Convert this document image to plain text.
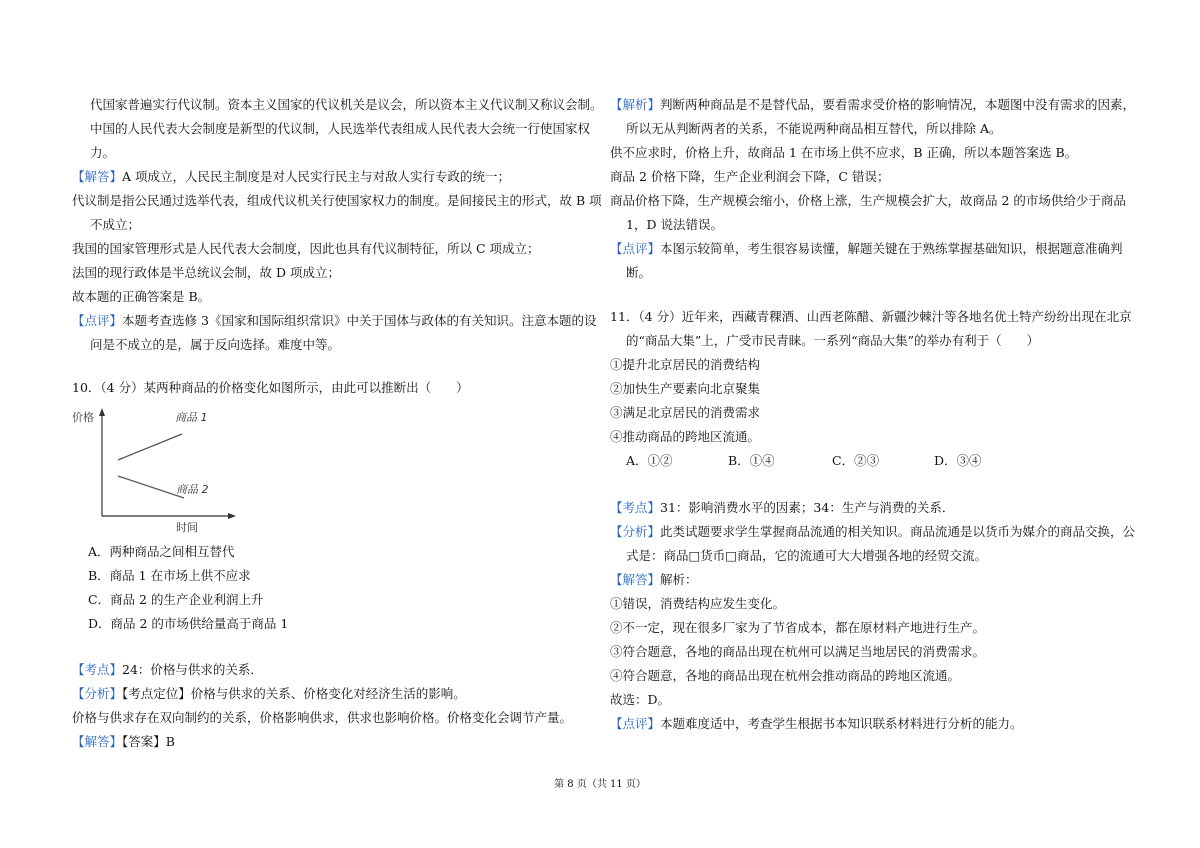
代国家普遍实行代议制。资本主义国家的代议机关是议会，所以资本主义代议制又称议会制。
中国的人民代表大会制度是新型的代议制，人民选举代表组成人民代表大会统一行使国家权
力。
【解答】A 项成立，人民民主制度是对人民实行民主与对敌人实行专政的统一；
代议制是指公民通过选举代表，组成代议机关行使国家权力的制度。是间接民主的形式，故 B 项
不成立；
我国的国家管理形式是人民代表大会制度，因此也具有代议制特征，所以 C 项成立；
法国的现行政体是半总统议会制，故 D 项成立；
故本题的正确答案是 B。
【点评】本题考查选修 3《国家和国际组织常识》中关于国体与政体的有关知识。注意本题的设
问是不成立的是，属于反向选择。难度中等。
10．（4 分）某两种商品的价格变化如图所示，由此可以推断出（　　）
价格
时间
商品 1
商品 2
A．两种商品之间相互替代
B．商品 1 在市场上供不应求
C．商品 2 的生产企业利润上升
D．商品 2 的市场供给量高于商品 1
【考点】24：价格与供求的关系．
【分析】【考点定位】价格与供求的关系、价格变化对经济生活的影响。
价格与供求存在双向制约的关系，价格影响供求，供求也影响价格。价格变化会调节产量。
【解答】【答案】B
【解析】判断两种商品是不是替代品，要看需求受价格的影响情况，本题图中没有需求的因素，
所以无从判断两者的关系，不能说两种商品相互替代，所以排除 A。
供不应求时，价格上升，故商品 1 在市场上供不应求，B 正确，所以本题答案选 B。
商品 2 价格下降，生产企业利润会下降，C 错误；
商品价格下降，生产规模会缩小，价格上涨，生产规模会扩大，故商品 2 的市场供给少于商品
1，D 说法错误。
【点评】本图示较简单，考生很容易读懂，解题关键在于熟练掌握基础知识，根据题意准确判
断。
11．（4 分）近年来，西藏青稞酒、山西老陈醋、新疆沙棘汁等各地名优土特产纷纷出现在北京
的“商品大集”上，广受市民青睐。一系列“商品大集”的举办有利于（　　）
①提升北京居民的消费结构
②加快生产要素向北京聚集
③满足北京居民的消费需求
④推动商品的跨地区流通。
A．①②	B．①④	C．②③	D．③④
【考点】31：影响消费水平的因素；34：生产与消费的关系．
【分析】此类试题要求学生掌握商品流通的相关知识。商品流通是以货币为媒介的商品交换，公
式是：商品□货币□商品，它的流通可大大增强各地的经贸交流。
【解答】解析：
①错误，消费结构应发生变化。
②不一定，现在很多厂家为了节省成本，都在原材料产地进行生产。
③符合题意，各地的商品出现在杭州可以满足当地居民的消费需求。
④符合题意，各地的商品出现在杭州会推动商品的跨地区流通。
故选：D。
【点评】本题难度适中，考查学生根据书本知识联系材料进行分析的能力。
第 8 页（共 11 页）
